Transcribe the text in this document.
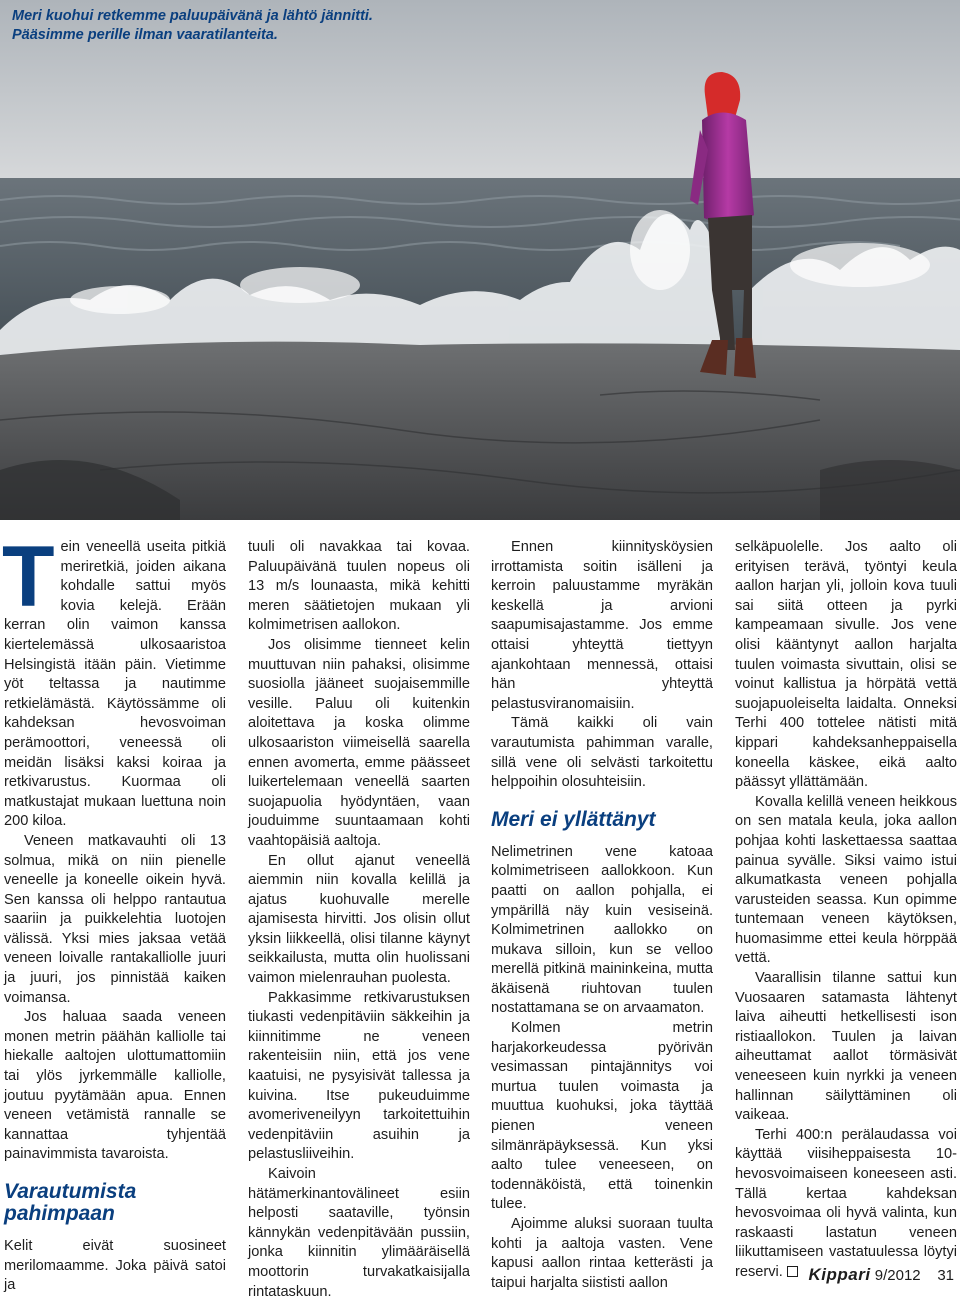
Meri kuohui retkemme paluupäivänä ja lähtö jännitti.
Pääsimme perille ilman vaaratilanteita.

Tein veneellä useita pitkiä meriretkiä, joiden aikana kohdalle sattui myös kovia kelejä. Erään kerran olin vaimon kanssa kiertelemässä ulkosaaristoa Helsingistä itään päin. Vietimme yöt teltassa ja nautimme retkielämästä. Käytössämme oli kahdeksan hevosvoiman perämoottori, veneessä oli meidän lisäksi kaksi koiraa ja retkivarustus. Kuormaa oli matkustajat mukaan luettuna noin 200 kiloa.

Veneen matkavauhti oli 13 solmua, mikä on niin pienelle veneelle ja koneelle oikein hyvä. Sen kanssa oli helppo rantautua saariin ja puikkelehtia luotojen välissä. Yksi mies jaksaa vetää veneen loivalle rantakalliolle juuri ja juuri, jos pinnistää kaiken voimansa.

Jos haluaa saada veneen monen metrin päähän kalliolle tai hiekalle aaltojen ulottumattomiin tai ylös jyrkemmälle kalliolle, joutuu pyytämään apua. Ennen veneen vetämistä rannalle se kannattaa tyhjentää painavimmista tavaroista.

Varautumista pahimpaan

Kelit eivät suosineet merilomaamme. Joka päivä satoi ja

tuuli oli navakkaa tai kovaa. Paluupäivänä tuulen nopeus oli 13 m/s lounaasta, mikä kehitti meren säätietojen mukaan yli kolmimetrisen aallokon.

Jos olisimme tienneet kelin muuttuvan niin pahaksi, olisimme suosiolla jääneet suojaisemmille vesille. Paluu oli kuitenkin aloitettava ja koska olimme ulkosaariston viimeisellä saarella ennen avomerta, emme päässeet luikertelemaan veneellä saarten suojapuolia hyödyntäen, vaan jouduimme suuntaamaan kohti vaahtopäisiä aaltoja.

En ollut ajanut veneellä aiemmin niin kovalla kelillä ja ajatus kuohuvalle merelle ajamisesta hirvitti. Jos olisin ollut yksin liikkeellä, olisi tilanne käynyt seikkailusta, mutta olin huolissani vaimon mielenrauhan puolesta.

Pakkasimme retkivarustuksen tiukasti vedenpitäviin säkkeihin ja kiinnitimme ne veneen rakenteisiin niin, että jos vene kaatuisi, ne pysyisivät tallessa ja kuivina. Itse pukeuduimme avomeriveneilyyn tarkoitettuihin vedenpitäviin asuihin ja pelastusliiveihin.

Kaivoin hätämerkinantovälineet esiin helposti saataville, työnsin kännykän vedenpitävään pussiin, jonka kiinnitin ylimääräisellä moottorin turvakatkaisijalla rintataskuun.

Ennen kiinnitysköysien irrottamista soitin isälleni ja kerroin paluustamme myräkän keskellä ja arvioni saapumisajastamme. Jos emme ottaisi yhteyttä tiettyyn ajankohtaan mennessä, ottaisi hän yhteyttä pelastusviranomaisiin.

Tämä kaikki oli vain varautumista pahimman varalle, sillä vene oli selvästi tarkoitettu helppoihin olosuhteisiin.

Meri ei yllättänyt

Nelimetrinen vene katoaa kolmimetriseen aallokkoon. Kun paatti on aallon pohjalla, ei ympärillä näy kuin vesiseinä. Kolmimetrinen aallokko on mukava silloin, kun se velloo merellä pitkinä maininkeina, mutta äkäisenä riuhtovan tuulen nostattamana se on arvaamaton.

Kolmen metrin harjakorkeudessa pyörivän vesimassan pintajännitys voi murtua tuulen voimasta ja muuttua kuohuksi, joka täyttää pienen veneen silmänräpäyksessä. Kun yksi aalto tulee veneeseen, on todennäköistä, että toinenkin tulee.

Ajoimme aluksi suoraan tuulta kohti ja aaltoja vasten. Vene kapusi aallon rintaa ketterästi ja taipui harjalta siististi aallon

selkäpuolelle. Jos aalto oli erityisen terävä, työntyi keula aallon harjan yli, jolloin kova tuuli sai siitä otteen ja pyrki kampeamaan sivulle. Jos vene olisi kääntynyt aallon harjalta tuulen voimasta sivuttain, olisi se voinut kallistua ja hörpätä vettä suojapuoleiselta laidalta. Onneksi Terhi 400 tottelee nätisti mitä kippari kahdeksanheppaisella koneella käskee, eikä aalto päässyt yllättämään.

Kovalla kelillä veneen heikkous on sen matala keula, joka aallon pohjaa kohti laskettaessa saattaa painua syvälle. Siksi vaimo istui alkumatkasta veneen pohjalla varusteiden seassa. Kun opimme tuntemaan veneen käytöksen, huomasimme ettei keula hörppää vettä.

Vaarallisin tilanne sattui kun Vuosaaren satamasta lähtenyt laiva aiheutti hetkellisesti ison ristiaallokon. Tuulen ja laivan aiheuttamat aallot törmäsivät veneeseen kuin nyrkki ja veneen hallinnan säilyttäminen oli vaikeaa.

Terhi 400:n perälaudassa voi käyttää viisiheppaisesta 10-hevosvoimaiseen koneeseen asti. Tällä kertaa kahdeksan hevosvoimaa oli hyvä valinta, kun raskaasti lastatun veneen liikuttamiseen vastatuulessa löytyi reservi.	Kippari 9/2012 31
